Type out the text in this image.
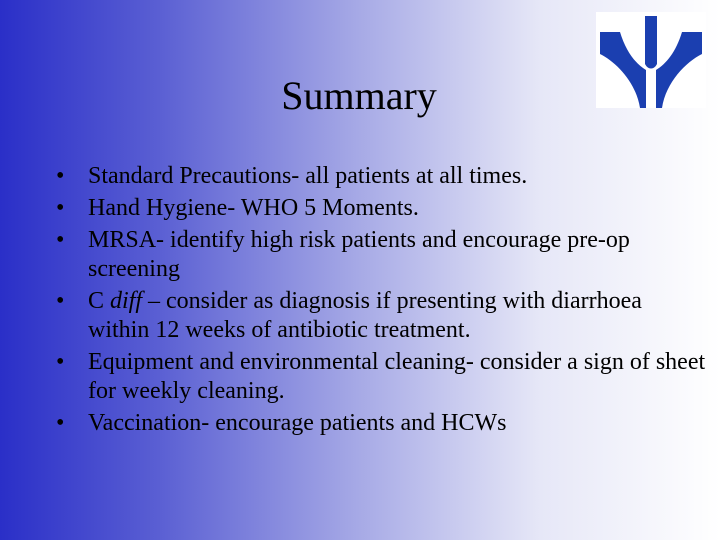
Summary
• Standard Precautions- all patients at all times.
• Hand Hygiene- WHO 5 Moments.
• MRSA- identify high risk patients and encourage pre-op screening
• C diff – consider as diagnosis if presenting with diarrhoea within 12 weeks of antibiotic treatment.
• Equipment and environmental cleaning- consider a sign of sheet for weekly cleaning.
• Vaccination- encourage patients and HCWs
